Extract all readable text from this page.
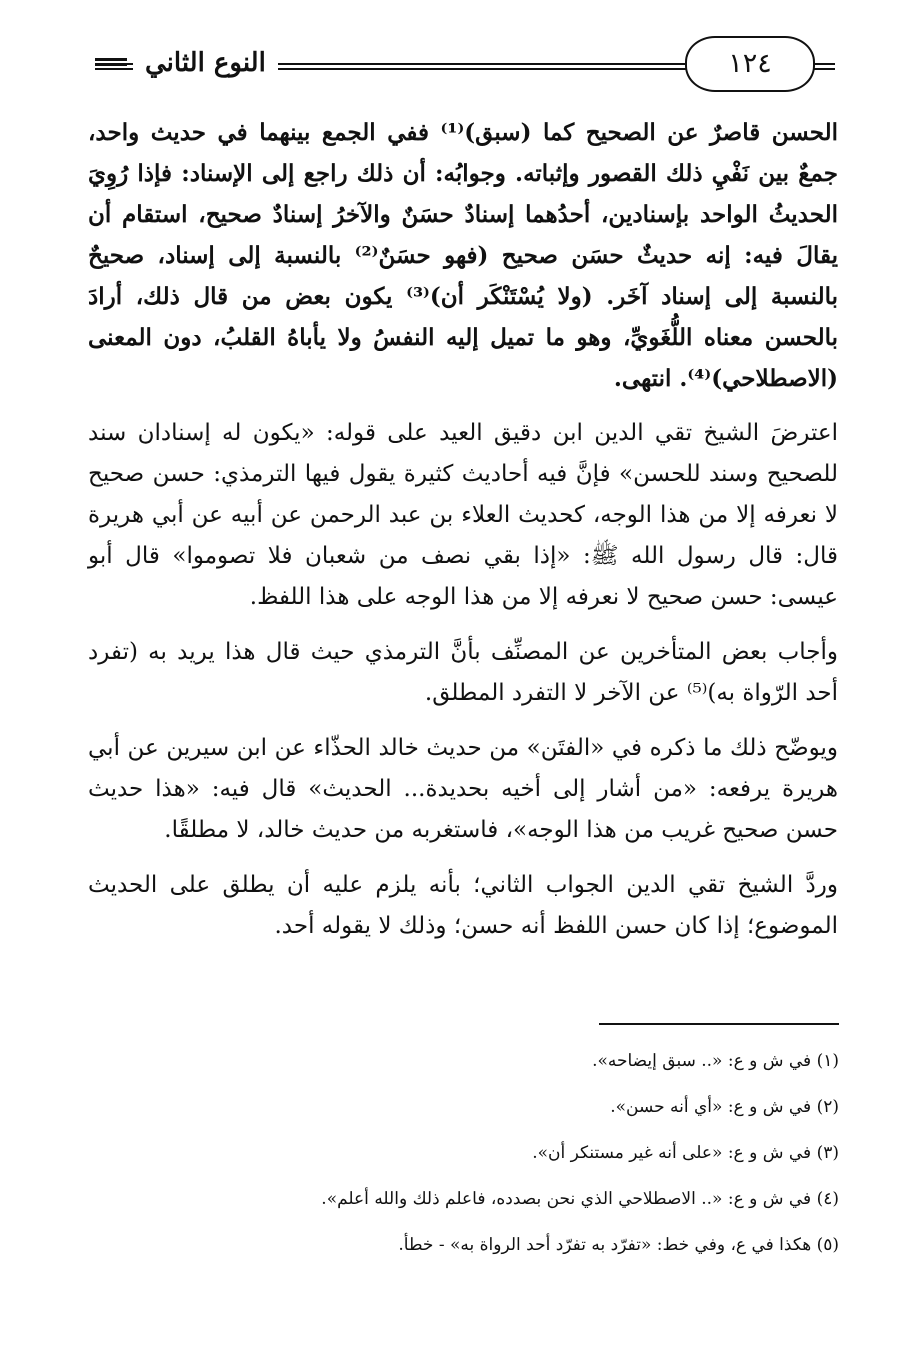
النوع الثاني	١٢٤

الحسن قاصرٌ عن الصحيح كما (سبق)⁽¹⁾ ففي الجمع بينهما في حديث واحد، جمعٌ بين نَفْيِ ذلك القصور وإثباته. وجوابُه: أن ذلك راجع إلى الإسناد: فإذا رُوِيَ الحديثُ الواحد بإسنادين، أحدُهما إسنادٌ حسَنٌ والآخرُ إسنادٌ صحيح، استقام أن يقالَ فيه: إنه حديثٌ حسَن صحيح (فهو حسَنٌ⁽²⁾ بالنسبة إلى إسناد، صحيحٌ بالنسبة إلى إسناد آخَر. (ولا يُسْتَنْكَر أن)⁽³⁾ يكون بعض من قال ذلك، أرادَ بالحسن معناه اللُّغَويِّ، وهو ما تميل إليه النفسُ ولا يأباهُ القلبُ، دون المعنى (الاصطلاحي)⁽⁴⁾. انتهى.

اعترضَ الشيخ تقي الدين ابن دقيق العيد على قوله: «يكون له إسنادان سند للصحيح وسند للحسن» فإنَّ فيه أحاديث كثيرة يقول فيها الترمذي: حسن صحيح لا نعرفه إلا من هذا الوجه، كحديث العلاء بن عبد الرحمن عن أبيه عن أبي هريرة قال: قال رسول الله ﷺ: «إذا بقي نصف من شعبان فلا تصوموا» قال أبو عيسى: حسن صحيح لا نعرفه إلا من هذا الوجه على هذا اللفظ.

وأجاب بعض المتأخرين عن المصنِّف بأنَّ الترمذي حيث قال هذا يريد به (تفرد أحد الرّواة به)⁽⁵⁾ عن الآخر لا التفرد المطلق.

ويوضّح ذلك ما ذكره في «الفتَن» من حديث خالد الحذّاء عن ابن سيرين عن أبي هريرة يرفعه: «من أشار إلى أخيه بحديدة... الحديث» قال فيه: «هذا حديث حسن صحيح غريب من هذا الوجه»، فاستغربه من حديث خالد، لا مطلقًا.

وردَّ الشيخ تقي الدين الجواب الثاني؛ بأنه يلزم عليه أن يطلق على الحديث الموضوع؛ إذا كان حسن اللفظ أنه حسن؛ وذلك لا يقوله أحد.

(١) في ش و ع: «.. سبق إيضاحه».
(٢) في ش و ع: «أي أنه حسن».
(٣) في ش و ع: «على أنه غير مستنكر أن».
(٤) في ش و ع: «.. الاصطلاحي الذي نحن بصدده، فاعلم ذلك والله أعلم».
(٥) هكذا في ع، وفي خط: «تفرّد به تفرّد أحد الرواة به» - خطأ.
